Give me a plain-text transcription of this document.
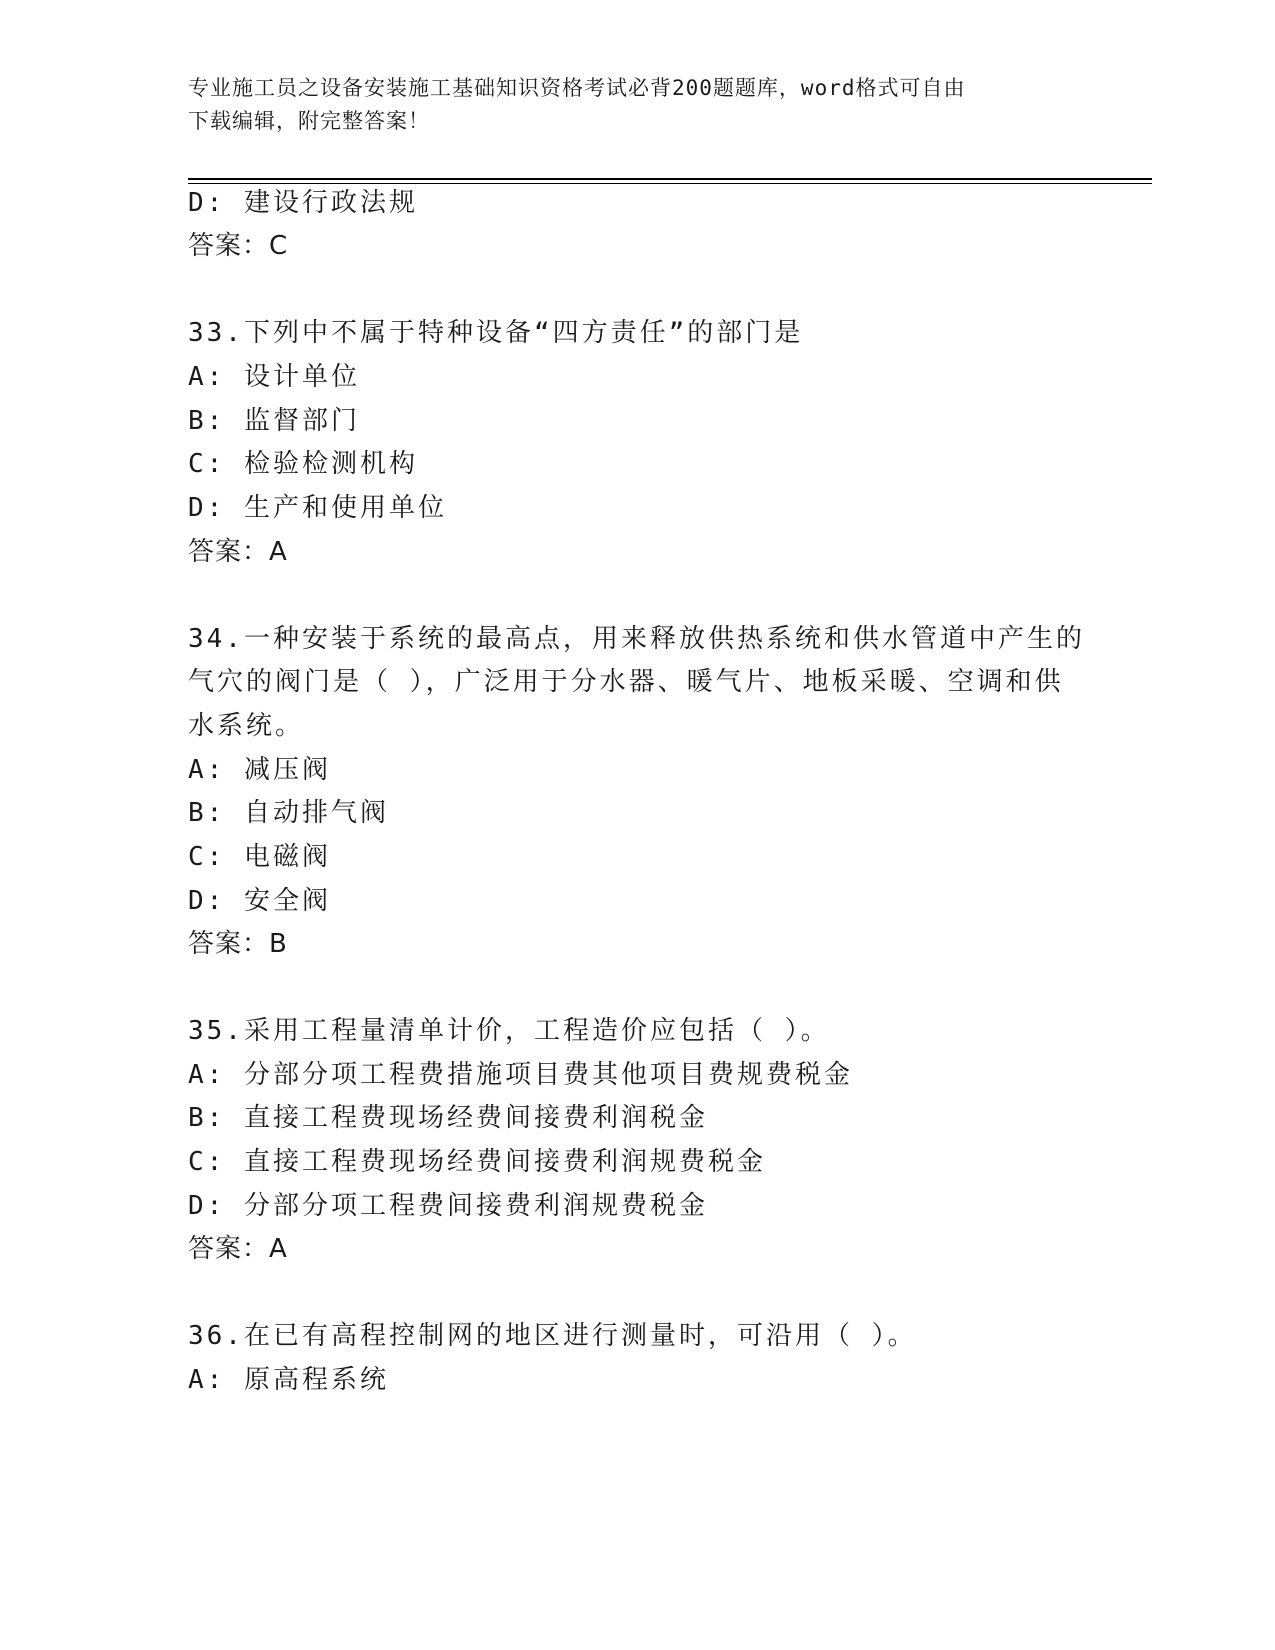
专业施工员之设备安装施工基础知识资格考试必背200题题库，word格式可自由
下载编辑，附完整答案！
D: 建设行政法规
答案：C
33.下列中不属于特种设备“四方责任”的部门是
A: 设计单位
B: 监督部门
C: 检验检测机构
D: 生产和使用单位
答案：A
34.一种安装于系统的最高点，用来释放供热系统和供水管道中产生的
气穴的阀门是（ ），广泛用于分水器、暖气片、地板采暖、空调和供
水系统。
A: 减压阀
B: 自动排气阀
C: 电磁阀
D: 安全阀
答案：B
35.采用工程量清单计价，工程造价应包括（ ）。
A: 分部分项工程费措施项目费其他项目费规费税金
B: 直接工程费现场经费间接费利润税金
C: 直接工程费现场经费间接费利润规费税金
D: 分部分项工程费间接费利润规费税金
答案：A
36.在已有高程控制网的地区进行测量时，可沿用（ ）。
A: 原高程系统
